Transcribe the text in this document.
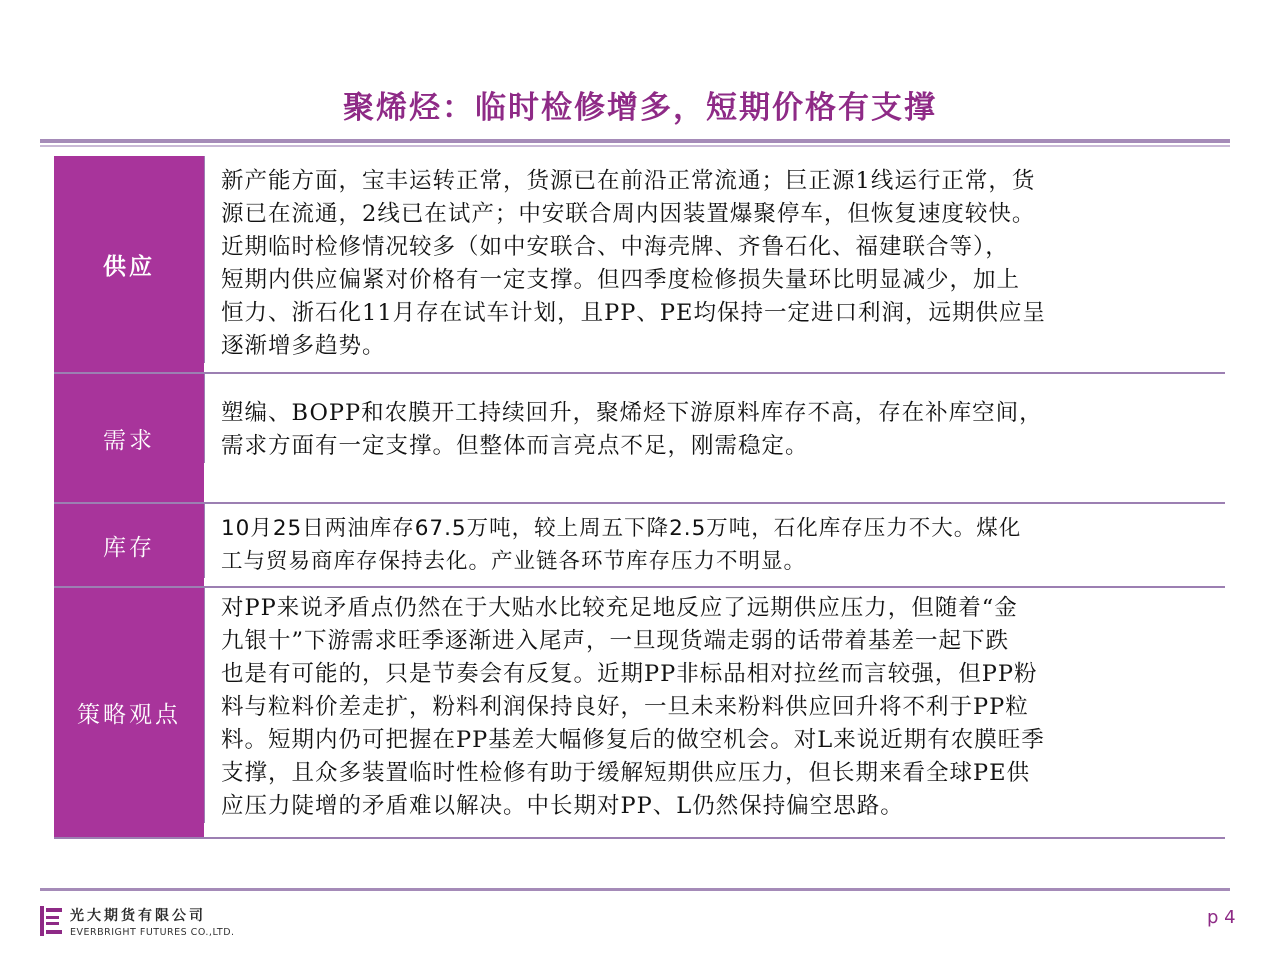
聚烯烃：临时检修增多，短期价格有支撑
供应
新产能方面，宝丰运转正常，货源已在前沿正常流通；巨正源1线运行正常，货
源已在流通，2线已在试产；中安联合周内因装置爆聚停车，但恢复速度较快。
近期临时检修情况较多（如中安联合、中海壳牌、齐鲁石化、福建联合等），
短期内供应偏紧对价格有一定支撑。但四季度检修损失量环比明显减少，加上
恒力、浙石化11月存在试车计划，且PP、PE均保持一定进口利润，远期供应呈
逐渐增多趋势。
需求
塑编、BOPP和农膜开工持续回升，聚烯烃下游原料库存不高，存在补库空间，
需求方面有一定支撑。但整体而言亮点不足，刚需稳定。
库存
10月25日两油库存67.5万吨，较上周五下降2.5万吨，石化库存压力不大。煤化
工与贸易商库存保持去化。产业链各环节库存压力不明显。
策略观点
对PP来说矛盾点仍然在于大贴水比较充足地反应了远期供应压力，但随着“金
九银十”下游需求旺季逐渐进入尾声，一旦现货端走弱的话带着基差一起下跌
也是有可能的，只是节奏会有反复。近期PP非标品相对拉丝而言较强，但PP粉
料与粒料价差走扩，粉料利润保持良好，一旦未来粉料供应回升将不利于PP粒
料。短期内仍可把握在PP基差大幅修复后的做空机会。对L来说近期有农膜旺季
支撑，且众多装置临时性检修有助于缓解短期供应压力，但长期来看全球PE供
应压力陡增的矛盾难以解决。中长期对PP、L仍然保持偏空思路。
光大期货有限公司
EVERBRIGHT FUTURES CO.,LTD.
p 4
